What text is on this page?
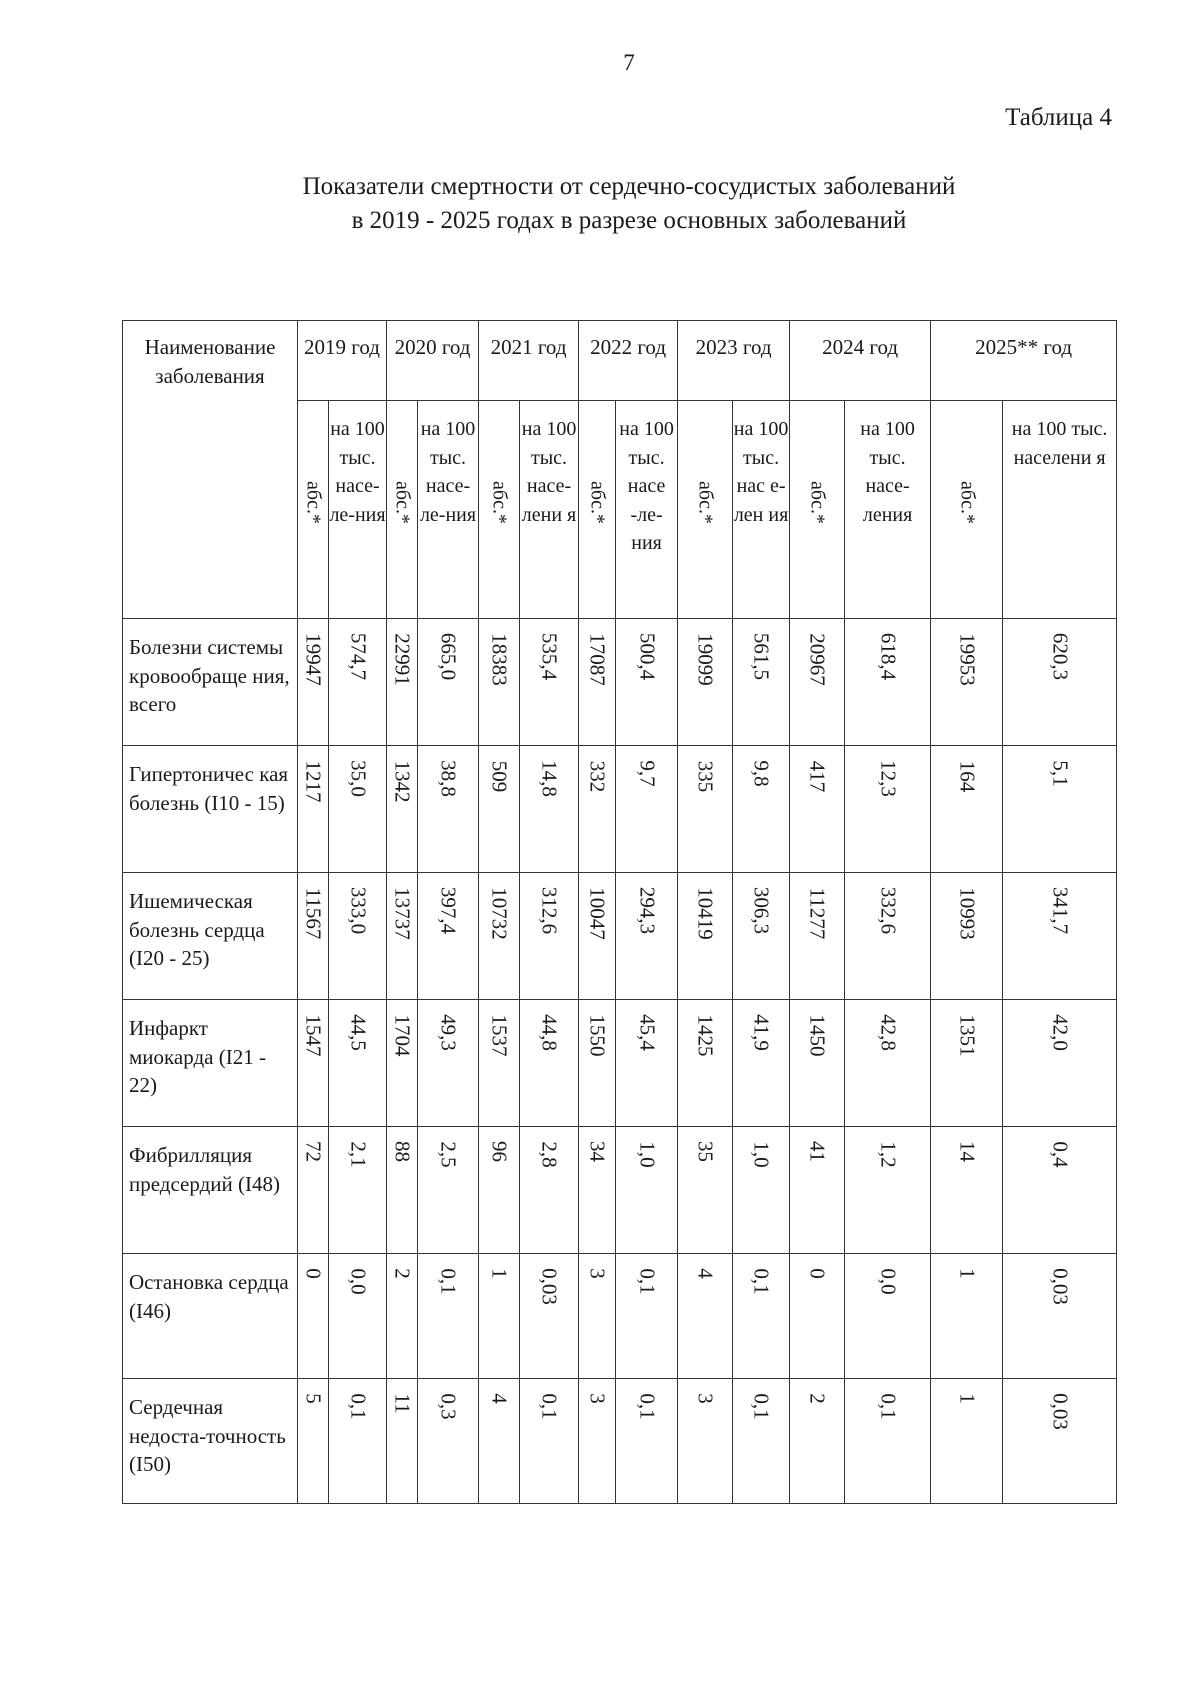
7
Таблица 4
Показатели смертности от сердечно-сосудистых заболеваний
в 2019 - 2025 годах в разрезе основных заболеваний
Наименование заболевания	2019 год		2020 год		2021 год		2022 год		2023 год		2024 год		2025** год	

	абс.*	на 100 тыс. насе-ле-ния	абс.*	на 100 тыс. насе-ле-ния	абс.*	на 100 тыс. насе-лени я	абс.*	на 100 тыс. насе -ле-ния	абс.*	на 100 тыс. нас е-лен ия	абс.*	на 100 тыс. насе-ления	абс.*	на 100 тыс. населени я
Болезни системы кровообраще ния, всего	19947	574,7	22991	665,0	18383	535,4	17087	500,4	19099	561,5	20967	618,4	19953	620,3

Гипертоничес кая болезнь (I10 - 15)	1217	35,0	1342	38,8	509	14,8	332	9,7	335	9,8	417	12,3	164	5,1

Ишемическая болезнь сердца (I20 - 25)	11567	333,0	13737	397,4	10732	312,6	10047	294,3	10419	306,3	11277	332,6	10993	341,7

Инфаркт миокарда (I21 - 22)	1547	44,5	1704	49,3	1537	44,8	1550	45,4	1425	41,9	1450	42,8	1351	42,0

Фибрилляция предсердий (I48)	72	2,1	88	2,5	96	2,8	34	1,0	35	1,0	41	1,2	14	0,4

Остановка сердца (I46)	0	0,0	2	0,1	1	0,03	3	0,1	4	0,1	0	0,0	1	0,03

Сердечная недоста-точность (I50)	5	0,1	11	0,3	4	0,1	3	0,1	3	0,1	2	0,1	1	0,03
